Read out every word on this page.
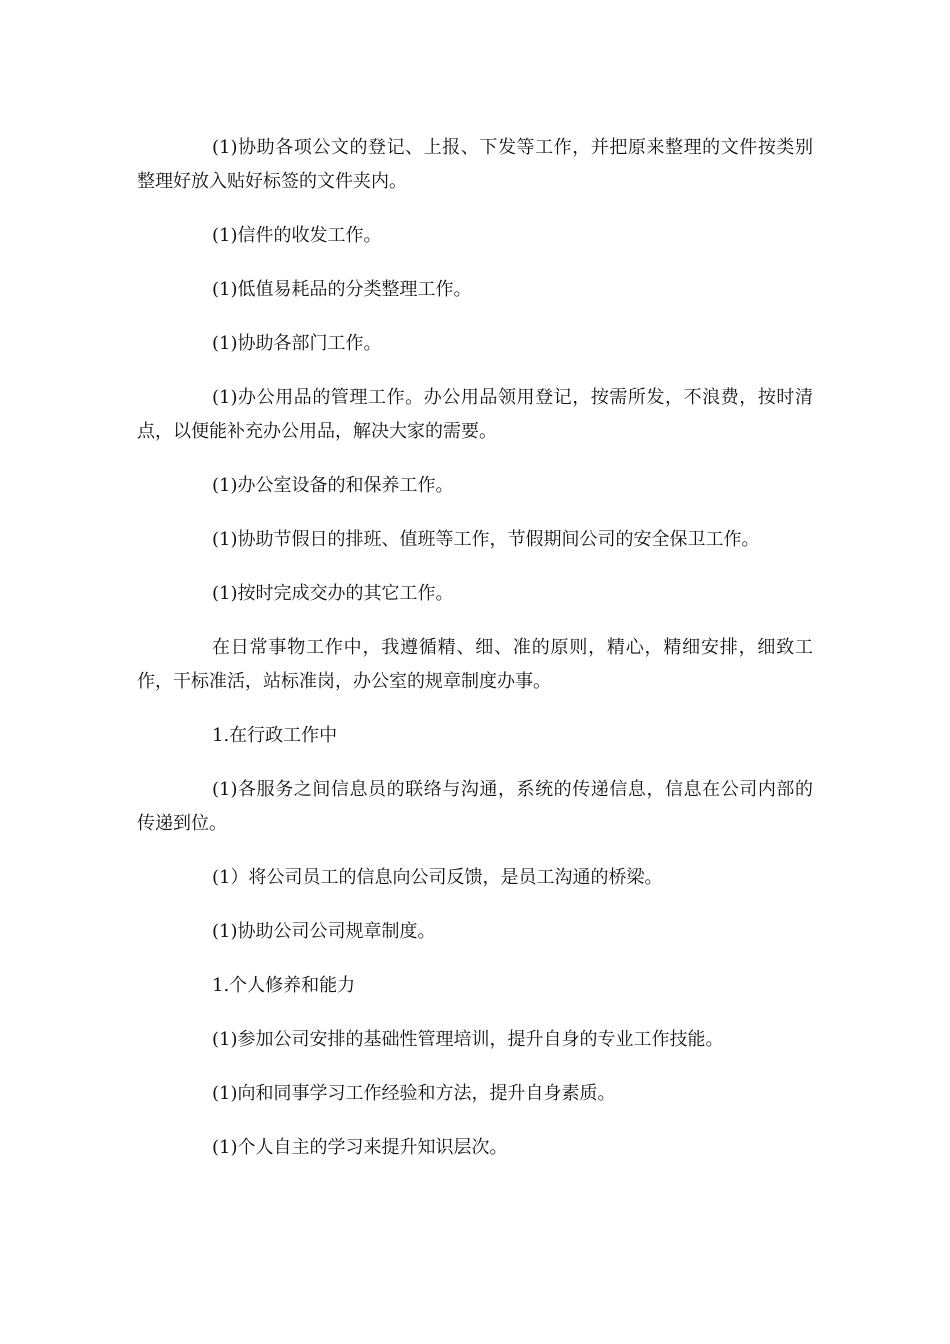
(1)协助各项公文的登记、上报、下发等工作，并把原来整理的文件按类别整理好放入贴好标签的文件夹内。

(1)信件的收发工作。

(1)低值易耗品的分类整理工作。

(1)协助各部门工作。

(1)办公用品的管理工作。办公用品领用登记，按需所发，不浪费，按时清点，以便能补充办公用品，解决大家的需要。

(1)办公室设备的和保养工作。

(1)协助节假日的排班、值班等工作，节假期间公司的安全保卫工作。

(1)按时完成交办的其它工作。

在日常事物工作中，我遵循精、细、准的原则，精心，精细安排，细致工作，干标准活，站标准岗，办公室的规章制度办事。

1.在行政工作中

(1)各服务之间信息员的联络与沟通，系统的传递信息，信息在公司内部的传递到位。

(1）将公司员工的信息向公司反馈，是员工沟通的桥梁。

(1)协助公司公司规章制度。

1.个人修养和能力

(1)参加公司安排的基础性管理培训，提升自身的专业工作技能。

(1)向和同事学习工作经验和方法，提升自身素质。

(1)个人自主的学习来提升知识层次。
